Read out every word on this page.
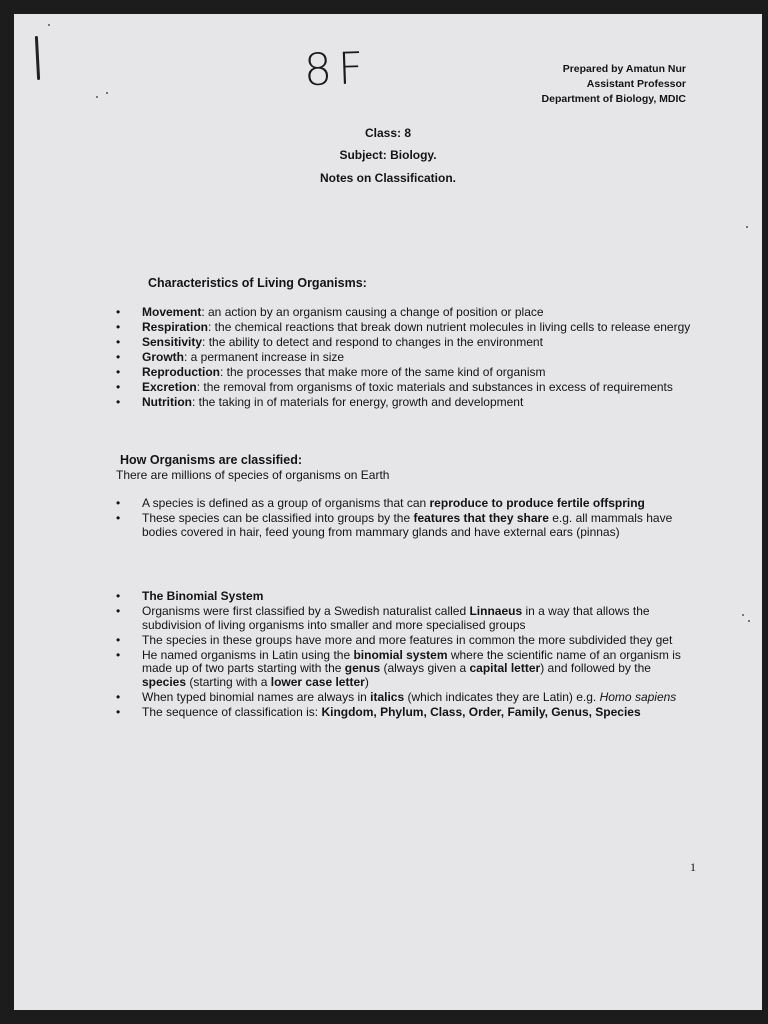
8F	Prepared by Amatun Nur
Assistant Professor
Department of Biology, MDIC
Class: 8
Subject: Biology.
Notes on Classification.
Characteristics of Living Organisms:
• Movement: an action by an organism causing a change of position or place
• Respiration: the chemical reactions that break down nutrient molecules in living cells to release energy
• Sensitivity: the ability to detect and respond to changes in the environment
• Growth: a permanent increase in size
• Reproduction: the processes that make more of the same kind of organism
• Excretion: the removal from organisms of toxic materials and substances in excess of requirements
• Nutrition: the taking in of materials for energy, growth and development
How Organisms are classified:
There are millions of species of organisms on Earth
• A species is defined as a group of organisms that can reproduce to produce fertile offspring
• These species can be classified into groups by the features that they share e.g. all mammals have bodies covered in hair, feed young from mammary glands and have external ears (pinnas)
• The Binomial System
• Organisms were first classified by a Swedish naturalist called Linnaeus in a way that allows the subdivision of living organisms into smaller and more specialised groups
• The species in these groups have more and more features in common the more subdivided they get
• He named organisms in Latin using the binomial system where the scientific name of an organism is made up of two parts starting with the genus (always given a capital letter) and followed by the species (starting with a lower case letter)
• When typed binomial names are always in italics (which indicates they are Latin) e.g. Homo sapiens
• The sequence of classification is: Kingdom, Phylum, Class, Order, Family, Genus, Species
1
